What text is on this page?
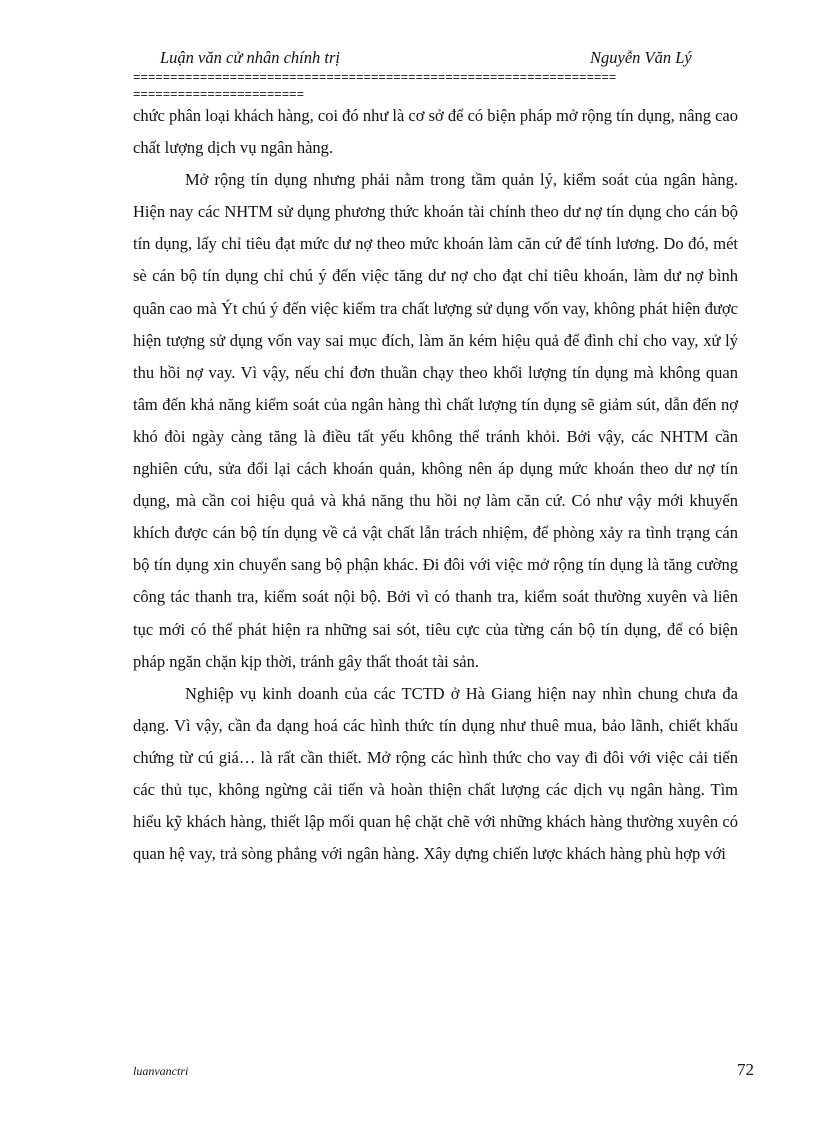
Luận văn cử nhân chính trị	Nguyễn Văn Lý
=================================================================
=======================

chức phân loại khách hàng, coi đó như là cơ sở để có biện pháp mở rộng tín dụng, nâng cao chất lượng dịch vụ ngân hàng.

Mở rộng tín dụng nhưng phải nằm trong tầm quản lý, kiểm soát của ngân hàng. Hiện nay các NHTM sử dụng phương thức khoán tài chính theo dư nợ tín dụng cho cán bộ tín dụng, lấy chỉ tiêu đạt mức dư nợ theo mức khoán làm căn cứ để tính lương. Do đó, mét sè cán bộ tín dụng chỉ chú ý đến việc tăng dư nợ cho đạt chỉ tiêu khoán, làm dư nợ bình quân cao mà Ýt chú ý đến việc kiểm tra chất lượng sử dụng vốn vay, không phát hiện được hiện tượng sử dụng vốn vay sai mục đích, làm ăn kém hiệu quả để đình chỉ cho vay, xử lý thu hồi nợ vay. Vì vậy, nếu chỉ đơn thuần chạy theo khối lượng tín dụng mà không quan tâm đến khả năng kiểm soát của ngân hàng thì chất lượng tín dụng sẽ giảm sút, dẫn đến nợ khó đòi ngày càng tăng là điều tất yếu không thể tránh khỏi. Bởi vậy, các NHTM cần nghiên cứu, sửa đổi lại cách khoán quản, không nên áp dụng mức khoán theo dư nợ tín dụng, mà cần coi hiệu quả và khả năng thu hồi nợ làm căn cứ. Có như vậy mới khuyến khích được cán bộ tín dụng về cả vật chất lẫn trách nhiệm, để phòng xảy ra tình trạng cán bộ tín dụng xin chuyển sang bộ phận khác. Đi đôi với việc mở rộng tín dụng là tăng cường công tác thanh tra, kiểm soát nội bộ. Bởi vì có thanh tra, kiểm soát thường xuyên và liên tục mới có thể phát hiện ra những sai sót, tiêu cực của từng cán bộ tín dụng, để có biện pháp ngăn chặn kịp thời, tránh gây thất thoát tài sản.

Nghiệp vụ kinh doanh của các TCTD ở Hà Giang hiện nay nhìn chung chưa đa dạng. Vì vậy, cần đa dạng hoá các hình thức tín dụng như thuê mua, bảo lãnh, chiết khấu chứng từ cú giá… là rất cần thiết. Mở rộng các hình thức cho vay đi đôi với việc cải tiến các thủ tục, không ngừng cải tiến và hoàn thiện chất lượng các dịch vụ ngân hàng. Tìm hiểu kỹ khách hàng, thiết lập mối quan hệ chặt chẽ với những khách hàng thường xuyên có quan hệ vay, trả sòng phẳng với ngân hàng. Xây dựng chiến lược khách hàng phù hợp với

luanvanctri	72
